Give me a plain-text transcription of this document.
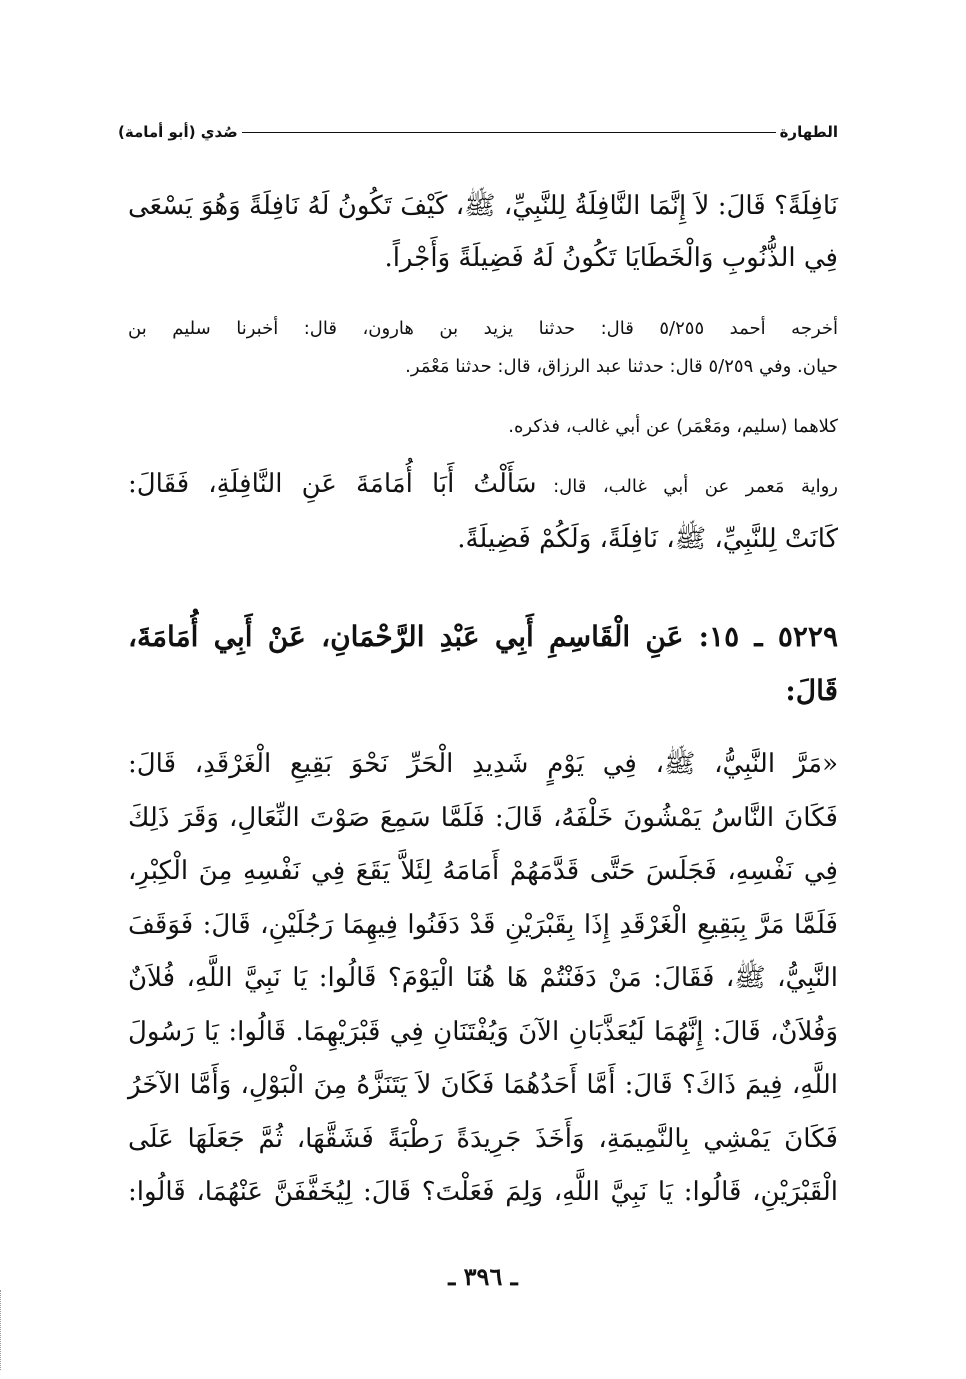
الطهارة
صُدي (أبو أمامة)
نَافِلَةً؟ قَالَ: لاَ إِنَّمَا النَّافِلَةُ لِلنَّبِيِّ، ﷺ، كَيْفَ تَكُونُ لَهُ نَافِلَةً وَهُوَ يَسْعَى
فِي الذُّنُوبِ وَالْخَطَايَا تَكُونُ لَهُ فَضِيلَةً وَأَجْراً.
أخرجه أحمد ٥/٢٥٥ قال: حدثنا يزيد بن هارون، قال: أخبرنا سليم بن
حيان. وفي ٥/٢٥٩ قال: حدثنا عبد الرزاق، قال: حدثنا مَعْمَر.
كلاهما (سليم، ومَعْمَر) عن أبي غالب، فذكره.
رواية مَعمر عن أبي غالب، قال: سَأَلْتُ أَبَا أُمَامَةَ عَنِ النَّافِلَةِ، فَقَالَ:
كَانَتْ لِلنَّبِيِّ، ﷺ، نَافِلَةً، وَلَكُمْ فَضِيلَةً.
٥٢٢٩ ـ ١٥: عَنِ الْقَاسِمِ أَبِي عَبْدِ الرَّحْمَانِ، عَنْ أَبِي أُمَامَةَ،
قَالَ:
«مَرَّ النَّبِيُّ، ﷺ، فِي يَوْمٍ شَدِيدِ الْحَرِّ نَحْوَ بَقِيعِ الْغَرْقَدِ، قَالَ:
فَكَانَ النَّاسُ يَمْشُونَ خَلْفَهُ، قَالَ: فَلَمَّا سَمِعَ صَوْتَ النِّعَالِ، وَقَرَ ذَلِكَ
فِي نَفْسِهِ، فَجَلَسَ حَتَّى قَدَّمَهُمْ أَمَامَهُ لِئَلاَّ يَقَعَ فِي نَفْسِهِ مِنَ الْكِبْرِ،
فَلَمَّا مَرَّ بِبَقِيعِ الْغَرْقَدِ إِذَا بِقَبْرَيْنِ قَدْ دَفَنُوا فِيهِمَا رَجُلَيْنِ، قَالَ: فَوَقَفَ
النَّبِيُّ، ﷺ، فَقَالَ: مَنْ دَفَنْتُمْ هَا هُنَا الْيَوْمَ؟ قَالُوا: يَا نَبِيَّ اللَّهِ، فُلاَنٌ
وَفُلاَنٌ، قَالَ: إِنَّهُمَا لَيُعَذَّبَانِ الآنَ وَيُفْتَنَانِ فِي قَبْرَيْهِمَا. قَالُوا: يَا رَسُولَ
اللَّهِ، فِيمَ ذَاكَ؟ قَالَ: أَمَّا أَحَدُهُمَا فَكَانَ لاَ يَتَنَزَّهُ مِنَ الْبَوْلِ، وَأَمَّا الآخَرُ
فَكَانَ يَمْشِي بِالنَّمِيمَةِ، وَأَخَذَ جَرِيدَةً رَطْبَةً فَشَقَّهَا، ثُمَّ جَعَلَهَا عَلَى
الْقَبْرَيْنِ، قَالُوا: يَا نَبِيَّ اللَّهِ، وَلِمَ فَعَلْتَ؟ قَالَ: لِيُخَفَّفَنَّ عَنْهُمَا، قَالُوا:
ـ ٣٩٦ ـ
